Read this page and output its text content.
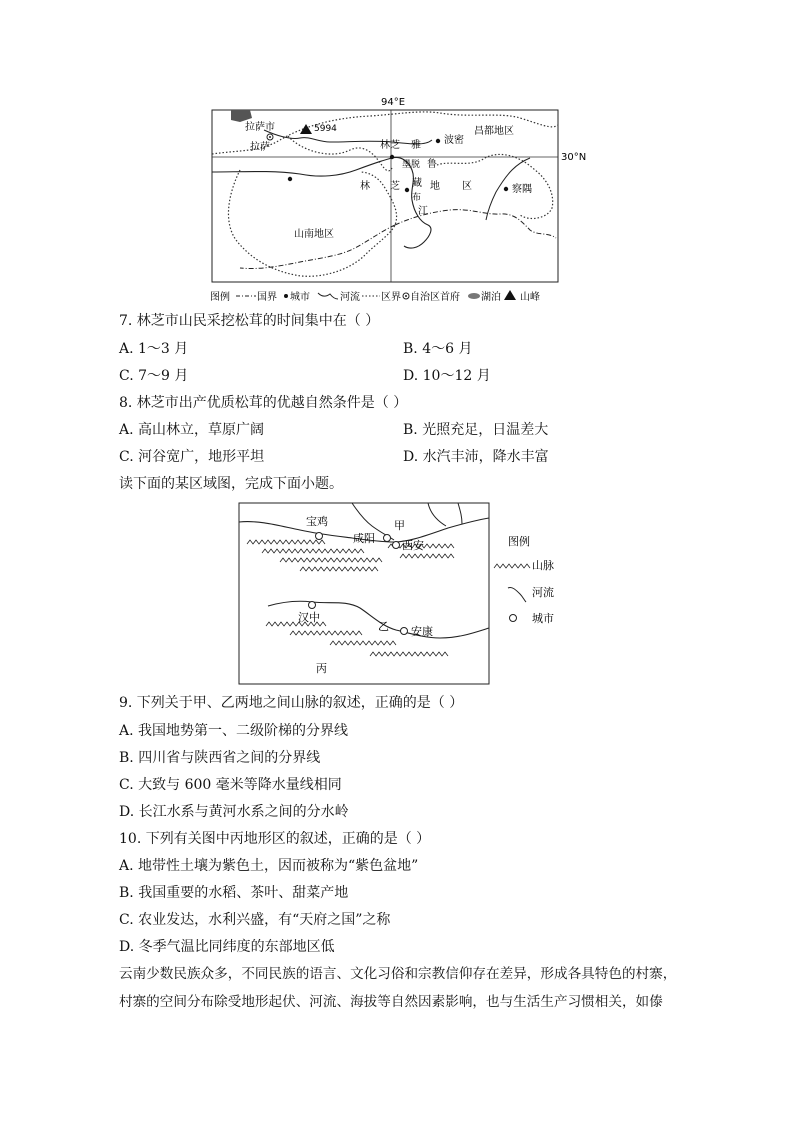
94°E
30°N
拉萨市
拉萨
5994
林芝 雅 波密
昌都地区
墨脱 鲁
林 芝 藏
布
地 区
江
察隅
山南地区
图例	国界 城市	河流 区界 自治区首府 湖泊 山峰
7. 林芝市山民采挖松茸的时间集中在（ ）
A. 1～3 月	B. 4～6 月
C. 7～9 月	D. 10～12 月
8. 林芝市出产优质松茸的优越自然条件是（ ）
A. 高山林立，草原广阔	B. 光照充足，日温差大
C. 河谷宽广，地形平坦	D. 水汽丰沛，降水丰富
读下面的某区域图，完成下面小题。
宝鸡	甲
咸阳
西安
汉中
乙 安康
丙
图例
山脉
河流
城市
9. 下列关于甲、乙两地之间山脉的叙述，正确的是（ ）
A. 我国地势第一、二级阶梯的分界线
B. 四川省与陕西省之间的分界线
C. 大致与 600 毫米等降水量线相同
D. 长江水系与黄河水系之间的分水岭
10. 下列有关图中丙地形区的叙述，正确的是（ ）
A. 地带性土壤为紫色土，因而被称为“紫色盆地”
B. 我国重要的水稻、茶叶、甜菜产地
C. 农业发达，水利兴盛，有“天府之国”之称
D. 冬季气温比同纬度的东部地区低
云南少数民族众多，不同民族的语言、文化习俗和宗教信仰存在差异，形成各具特色的村寨，
村寨的空间分布除受地形起伏、河流、海拔等自然因素影响，也与生活生产习惯相关，如傣
